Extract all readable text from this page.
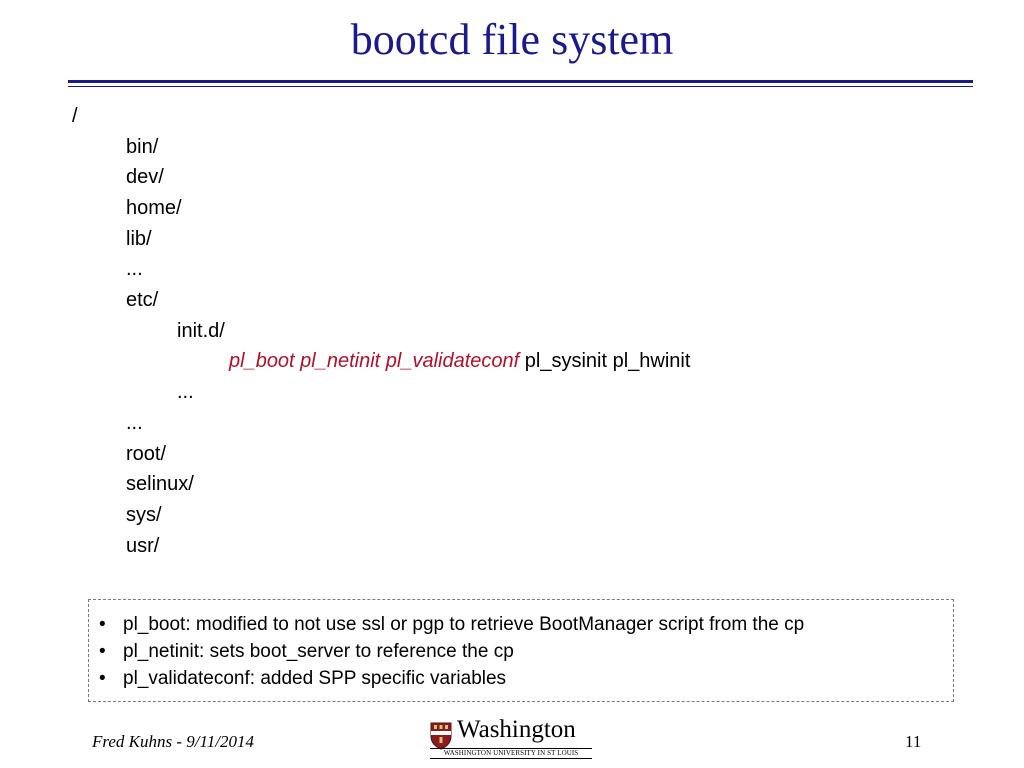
bootcd file system
/
bin/
dev/
home/
lib/
...
etc/
init.d/
pl_boot pl_netinit pl_validateconf pl_sysinit pl_hwinit
...
...
root/
selinux/
sys/
usr/
• pl_boot: modified to not use ssl or pgp to retrieve BootManager script from the cp
• pl_netinit: sets boot_server to reference the cp
• pl_validateconf: added SPP specific variables
Fred Kuhns - 9/11/2014	Washington
WASHINGTON UNIVERSITY IN ST LOUIS
11
